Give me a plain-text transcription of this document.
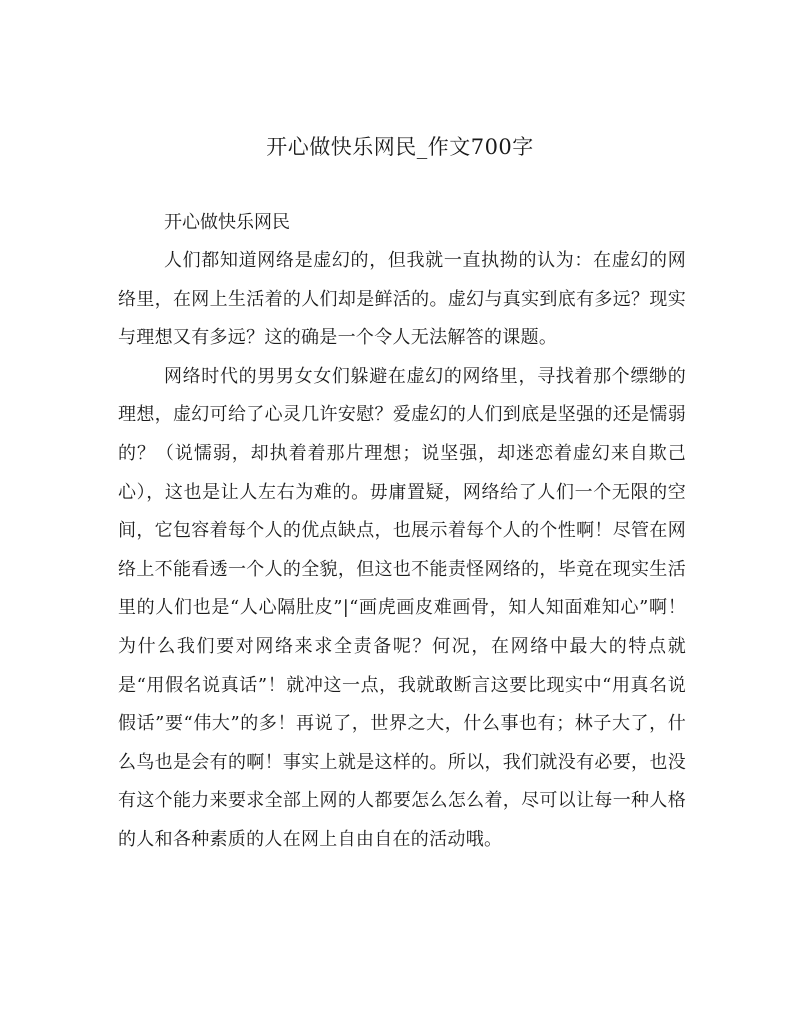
开心做快乐网民_作文700字

开心做快乐网民

人们都知道网络是虚幻的，但我就一直执拗的认为：在虚幻的网络里，在网上生活着的人们却是鲜活的。虚幻与真实到底有多远？现实与理想又有多远？这的确是一个令人无法解答的课题。

网络时代的男男女女们躲避在虚幻的网络里，寻找着那个缥缈的理想，虚幻可给了心灵几许安慰？爱虚幻的人们到底是坚强的还是懦弱的？（说懦弱，却执着着那片理想；说坚强，却迷恋着虚幻来自欺己心），这也是让人左右为难的。毋庸置疑，网络给了人们一个无限的空间，它包容着每个人的优点缺点，也展示着每个人的个性啊！尽管在网络上不能看透一个人的全貌，但这也不能责怪网络的，毕竟在现实生活里的人们也是“人心隔肚皮”|“画虎画皮难画骨，知人知面难知心”啊！为什么我们要对网络来求全责备呢？何况，在网络中最大的特点就是“用假名说真话”！就冲这一点，我就敢断言这要比现实中“用真名说假话”要“伟大”的多！再说了，世界之大，什么事也有；林子大了，什么鸟也是会有的啊！事实上就是这样的。所以，我们就没有必要，也没有这个能力来要求全部上网的人都要怎么怎么着，尽可以让每一种人格的人和各种素质的人在网上自由自在的活动哦。
